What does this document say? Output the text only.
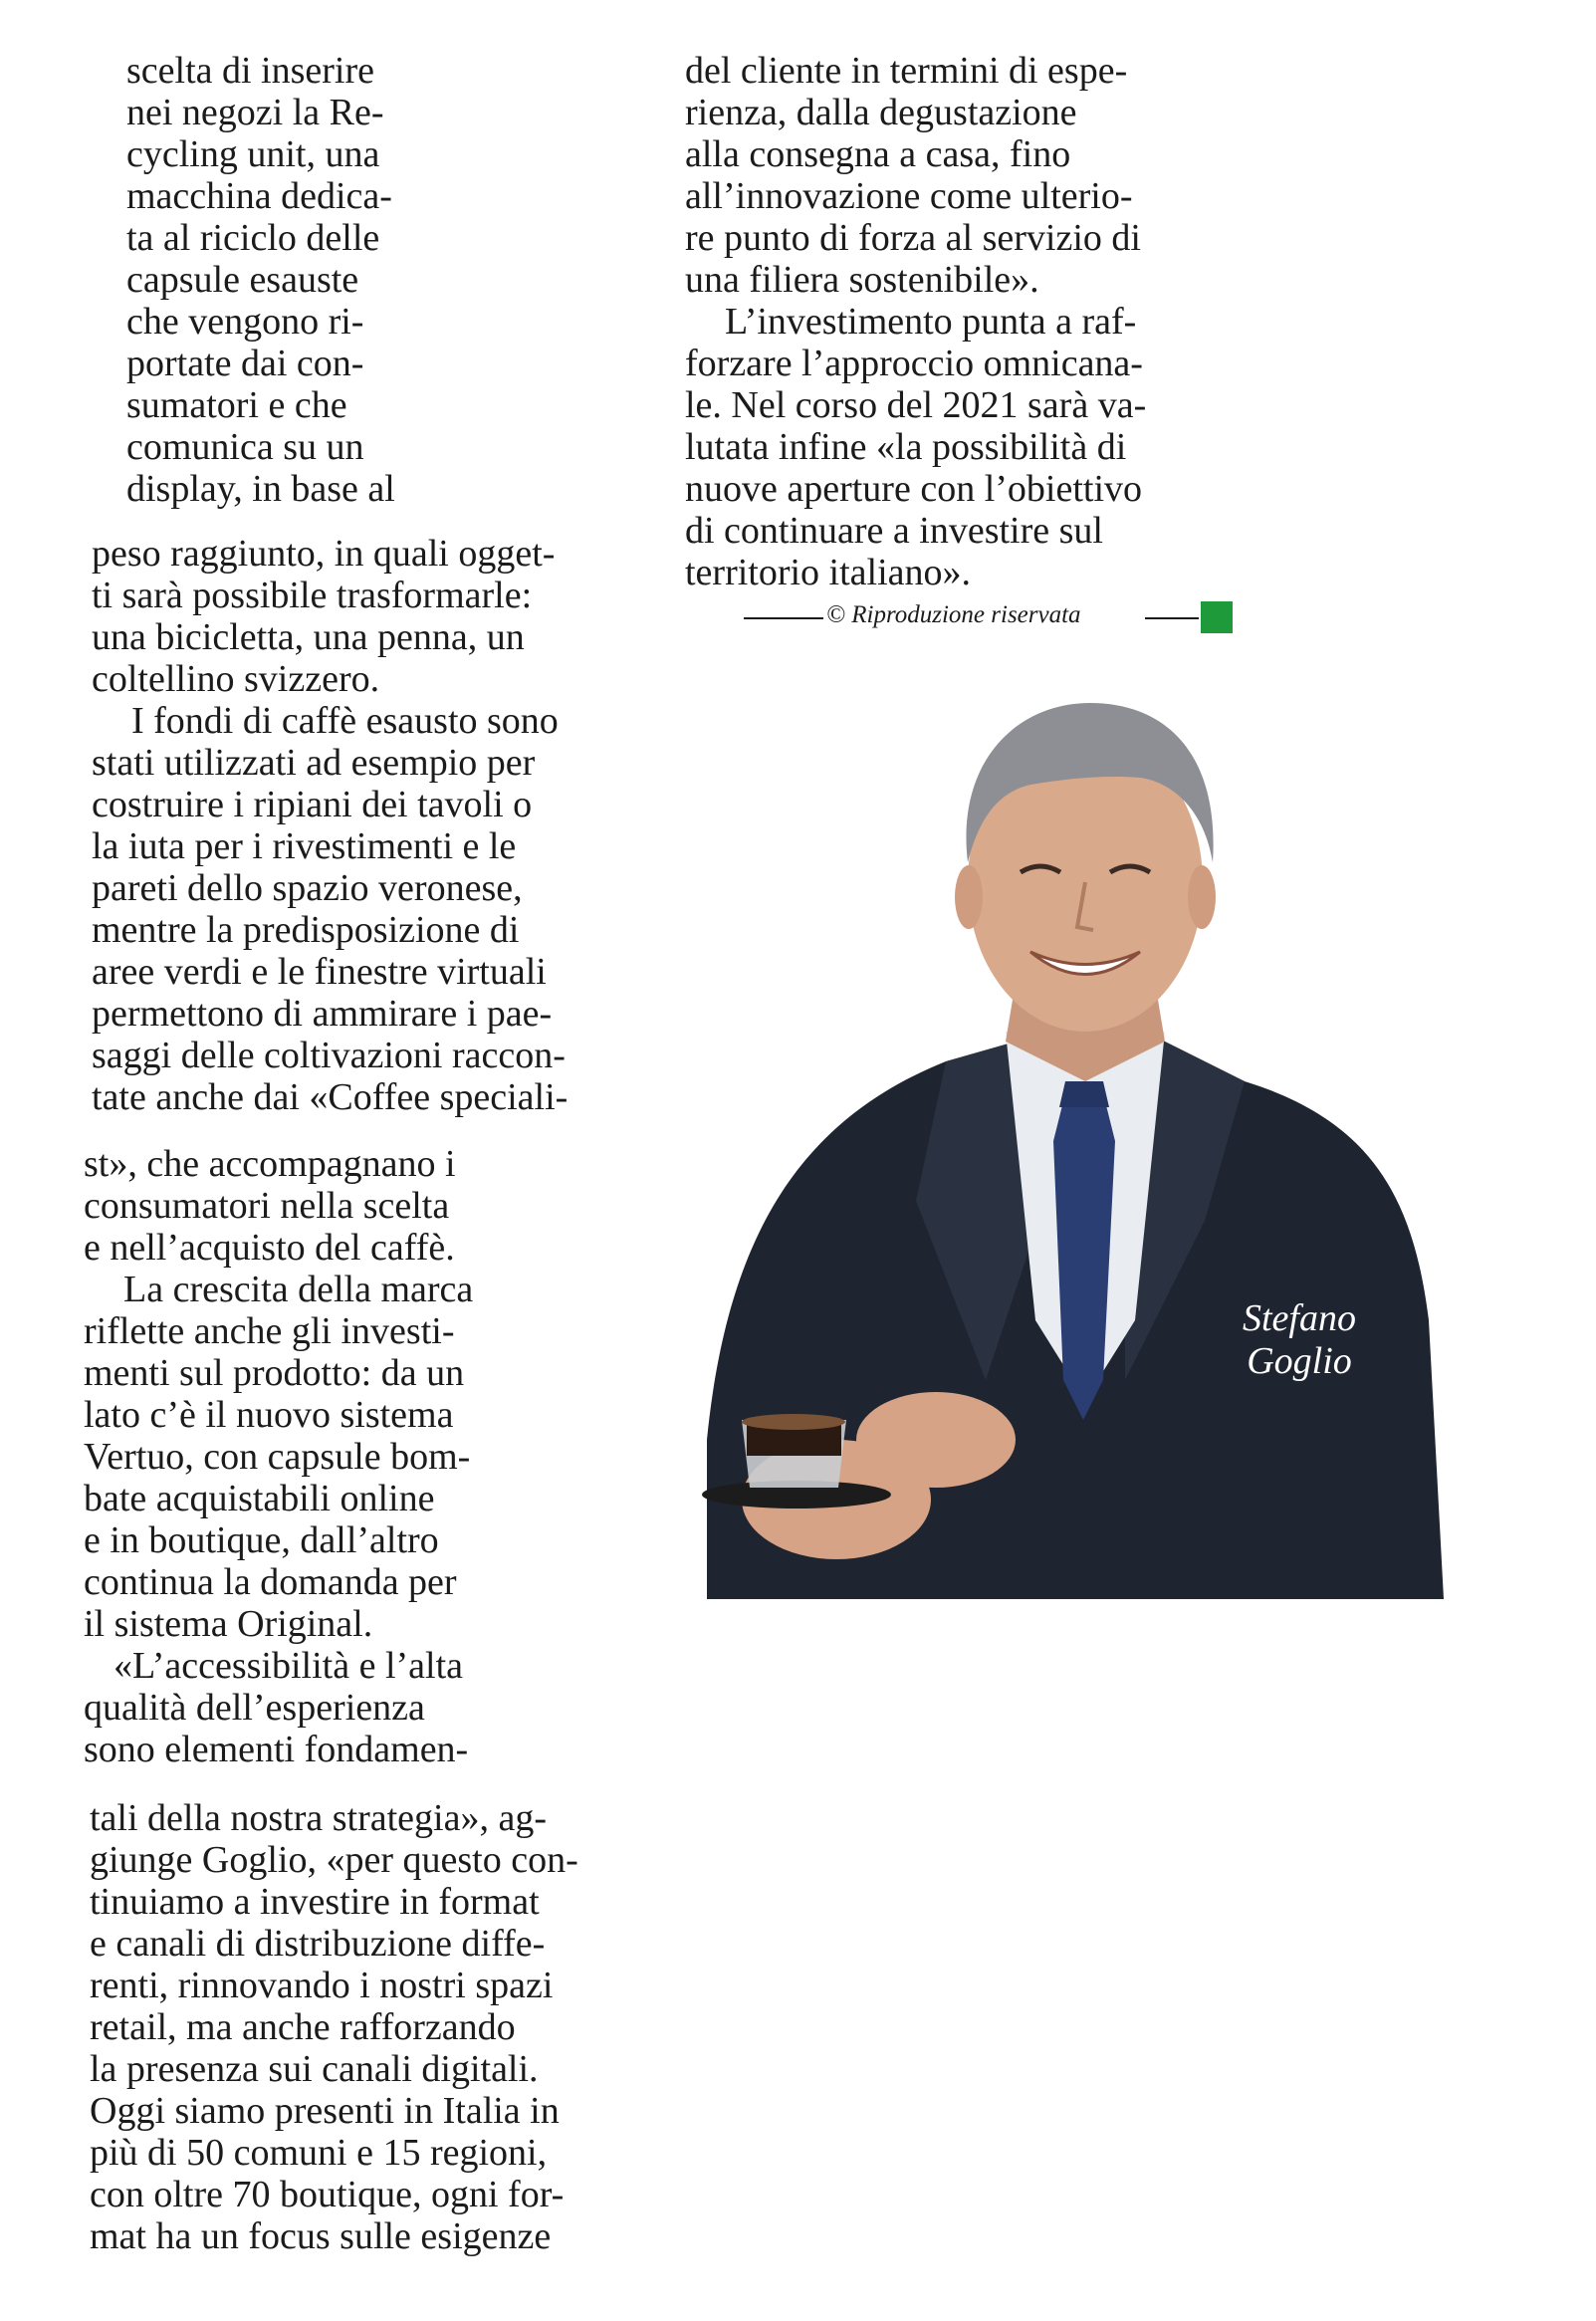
scelta di inserire
nei negozi la Re-
cycling unit, una
macchina dedica-
ta al riciclo delle
capsule esauste
che vengono ri-
portate dai con-
sumatori e che
comunica su un
display, in base al
peso raggiunto, in quali ogget-
ti sarà possibile trasformarle:
una bicicletta, una penna, un
coltellino svizzero.
I fondi di caffè esausto sono
stati utilizzati ad esempio per
costruire i ripiani dei tavoli o
la iuta per i rivestimenti e le
pareti dello spazio veronese,
mentre la predisposizione di
aree verdi e le finestre virtuali
permettono di ammirare i pae-
saggi delle coltivazioni raccon-
tate anche dai «Coffee speciali-
st», che accompagnano i
consumatori nella scelta
e nell’acquisto del caffè.
La crescita della marca
riflette anche gli investi-
menti sul prodotto: da un
lato c’è il nuovo sistema
Vertuo, con capsule bom-
bate acquistabili online
e in boutique, dall’altro
continua la domanda per
il sistema Original.
«L’accessibilità e l’alta
qualità dell’esperienza
sono elementi fondamen-
tali della nostra strategia», ag-
giunge Goglio, «per questo con-
tinuiamo a investire in format
e canali di distribuzione diffe-
renti, rinnovando i nostri spazi
retail, ma anche rafforzando
la presenza sui canali digitali.
Oggi siamo presenti in Italia in
più di 50 comuni e 15 regioni,
con oltre 70 boutique, ogni for-
mat ha un focus sulle esigenze
del cliente in termini di espe-
rienza, dalla degustazione
alla consegna a casa, fino
all’innovazione come ulterio-
re punto di forza al servizio di
una filiera sostenibile».
L’investimento punta a raf-
forzare l’approccio omnicana-
le. Nel corso del 2021 sarà va-
lutata infine «la possibilità di
nuove aperture con l’obiettivo
di continuare a investire sul
territorio italiano».
© Riproduzione riservata
Stefano
Goglio
